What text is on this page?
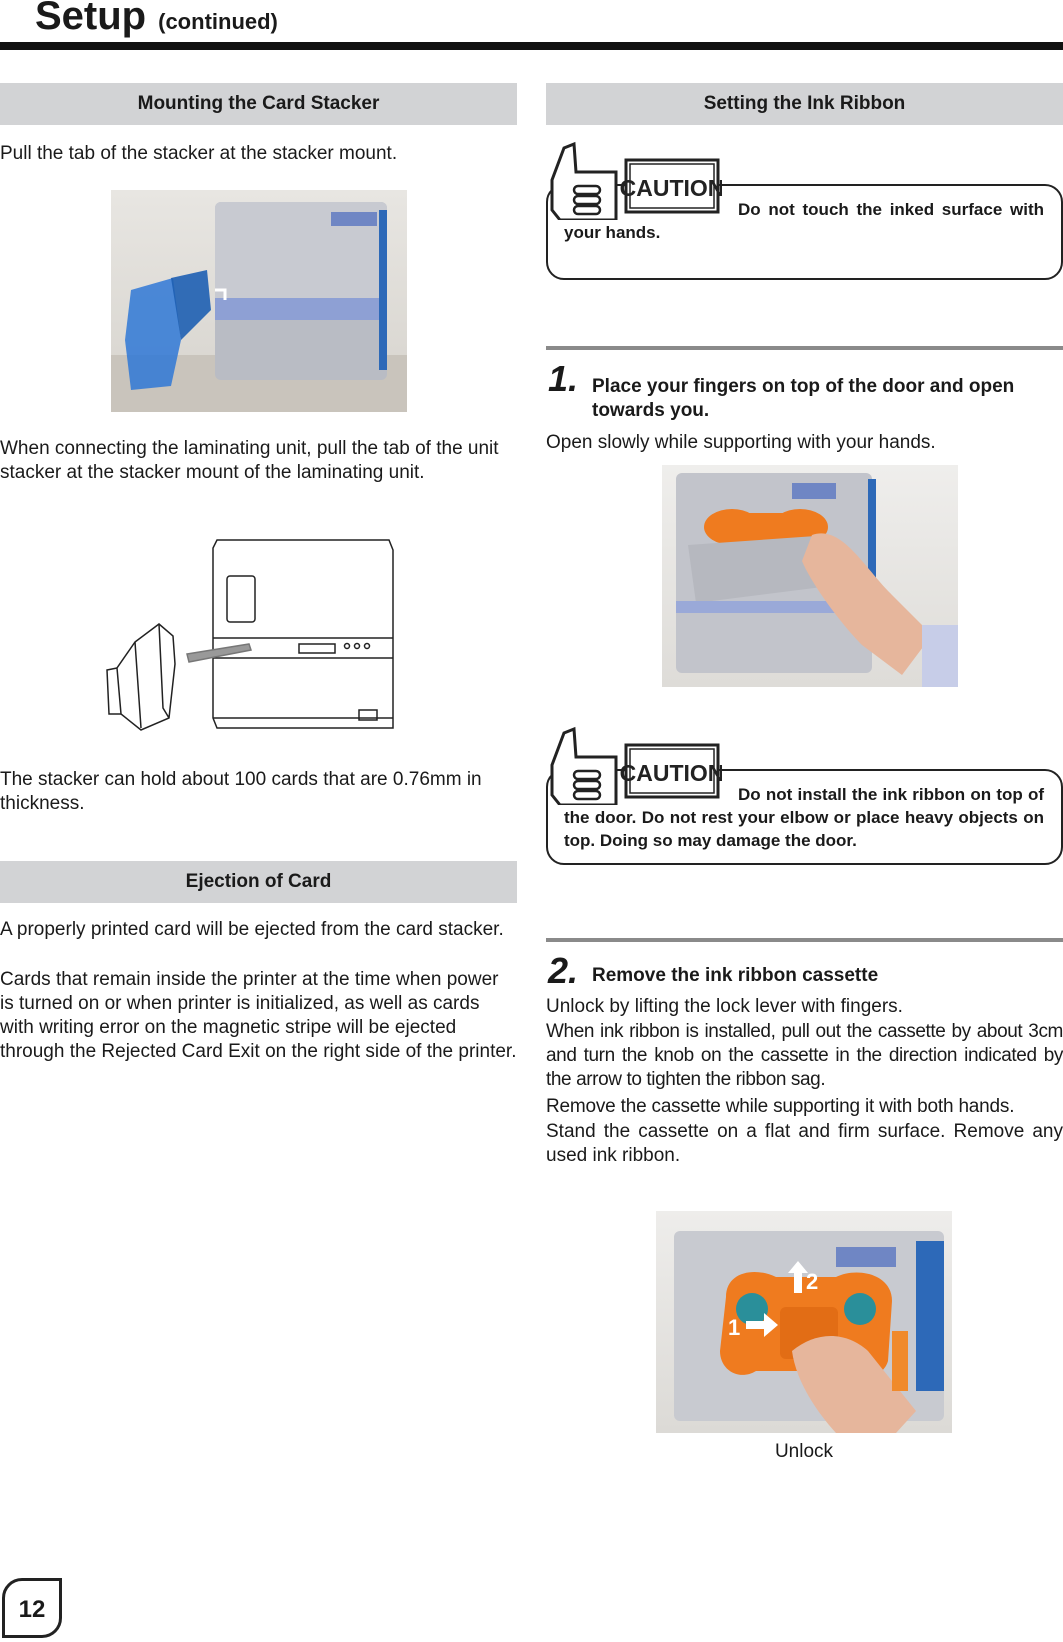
Setup (continued)
Mounting the Card Stacker
Pull the tab of the stacker at the stacker mount.
When connecting the laminating unit, pull the tab of the unit stacker at the stacker mount of the laminating unit.
The stacker can hold about 100 cards that are 0.76mm in thickness.
Ejection of Card
A properly printed card will be ejected from the card stacker.
Cards that remain inside the printer at the time when power is turned on or when printer is initialized, as well as cards with writing error on the magnetic stripe will be ejected through the Rejected Card Exit on the right side of the printer.
Setting the Ink Ribbon
Do not touch the inked surface with your hands.
CAUTION
1. Place your fingers on top of the door and open towards you.
Open slowly while supporting with your hands.
Do not install the ink ribbon on top of the door. Do not rest your elbow or place heavy objects on top. Doing so may damage the door.
CAUTION
2. Remove the ink ribbon cassette
Unlock by lifting the lock lever with fingers.
When ink ribbon is installed, pull out the cassette by about 3cm and turn the knob on the cassette in the direction indicated by the arrow to tighten the ribbon sag.
Remove the cassette while supporting it with both hands.
Stand the cassette on a flat and firm surface. Remove any used ink ribbon.
2
1
Unlock
12
